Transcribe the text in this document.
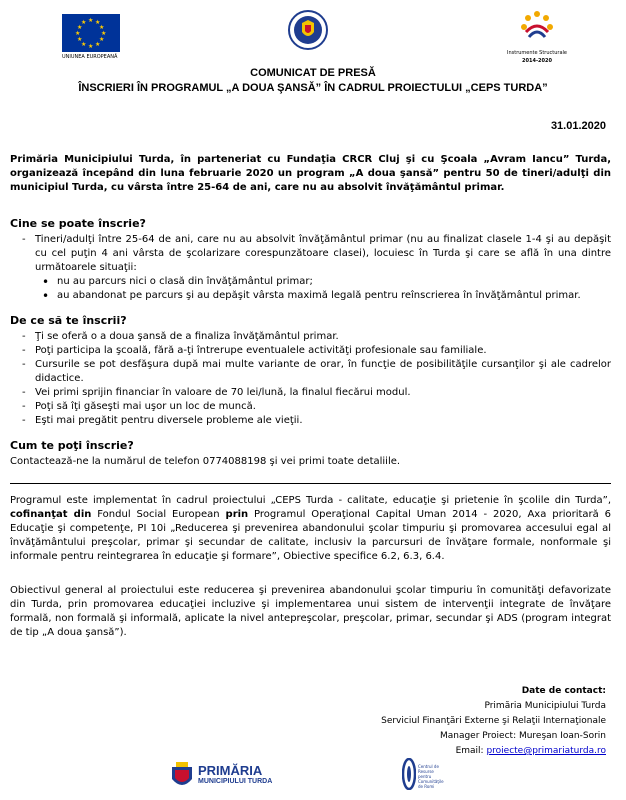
★ ★
★
★
★
★
★
★
★
★
★
★
UNIUNEA EUROPEANĂ
Instrumente Structurale
2014-2020
COMUNICAT DE PRESĂ
ÎNSCRIERI ÎN PROGRAMUL „A DOUA ŞANSĂ” ÎN CADRUL PROIECTULUI „CEPS TURDA”
31.01.2020

Primăria Municipiului Turda, în parteneriat cu Fundaţia CRCR Cluj şi cu Şcoala „Avram Iancu” Turda, organizează începând din luna februarie 2020 un program „A doua şansă” pentru 50 de tineri/adulţi din municipiul Turda, cu vârsta între 25-64 de ani, care nu au absolvit învăţământul primar.

Cine se poate înscrie?
- Tineri/adulţi între 25-64 de ani, care nu au absolvit învăţământul primar (nu au finalizat clasele 1-4 şi au depăşit cu cel puţin 4 ani vârsta de şcolarizare corespunzătoare clasei), locuiesc în Turda şi care se află în una dintre următoarele situaţii:
• nu au parcurs nici o clasă din învăţământul primar;
• au abandonat pe parcurs şi au depăşit vârsta maximă legală pentru reînscrierea în învăţământul primar.
De ce să te înscrii?
- Ţi se oferă o a doua şansă de a finaliza învăţământul primar.
- Poţi participa la şcoală, fără a-ţi întrerupe eventualele activităţi profesionale sau familiale.
- Cursurile se pot desfăşura după mai multe variante de orar, în funcţie de posibilităţile cursanţilor şi ale cadrelor didactice.
- Vei primi sprijin financiar în valoare de 70 lei/lună, la finalul fiecărui modul.
- Poţi să îţi găseşti mai uşor un loc de muncă.
- Eşti mai pregătit pentru diversele probleme ale vieţii.
Cum te poţi înscrie?

Contactează-ne la numărul de telefon 0774088198 şi vei primi toate detaliile.

Programul este implementat în cadrul proiectului „CEPS Turda - calitate, educaţie şi prietenie în şcolile din Turda”, cofinanţat din Fondul Social European prin Programul Operaţional Capital Uman 2014 - 2020, Axa prioritară 6 Educaţie şi competenţe, PI 10i „Reducerea şi prevenirea abandonului şcolar timpuriu şi promovarea accesului egal al învăţământului preşcolar, primar şi secundar de calitate, inclusiv la parcursuri de învăţare formale, nonformale şi informale pentru reintegrarea în educaţie şi formare”, Obiective specifice 6.2, 6.3, 6.4.

Obiectivul general al proiectului este reducerea şi prevenirea abandonului şcolar timpuriu în comunităţi defavorizate din Turda, prin promovarea educaţiei incluzive şi implementarea unui sistem de intervenţii integrate de învăţare formală, non formală şi informală, aplicate la nivel antepreşcolar, preşcolar, primar, secundar şi ADS (program integrat de tip „A doua şansă”).

Date de contact:
Primăria Municipiului Turda
Serviciul Finanţări Externe şi Relaţii Internaţionale
Manager Proiect: Mureşan Ioan-Sorin
Email: proiecte@primariaturda.ro
PRIMĂRIA
MUNICIPIULUI TURDA
Centrul de Resurse pentru Comunităţile de Romi
